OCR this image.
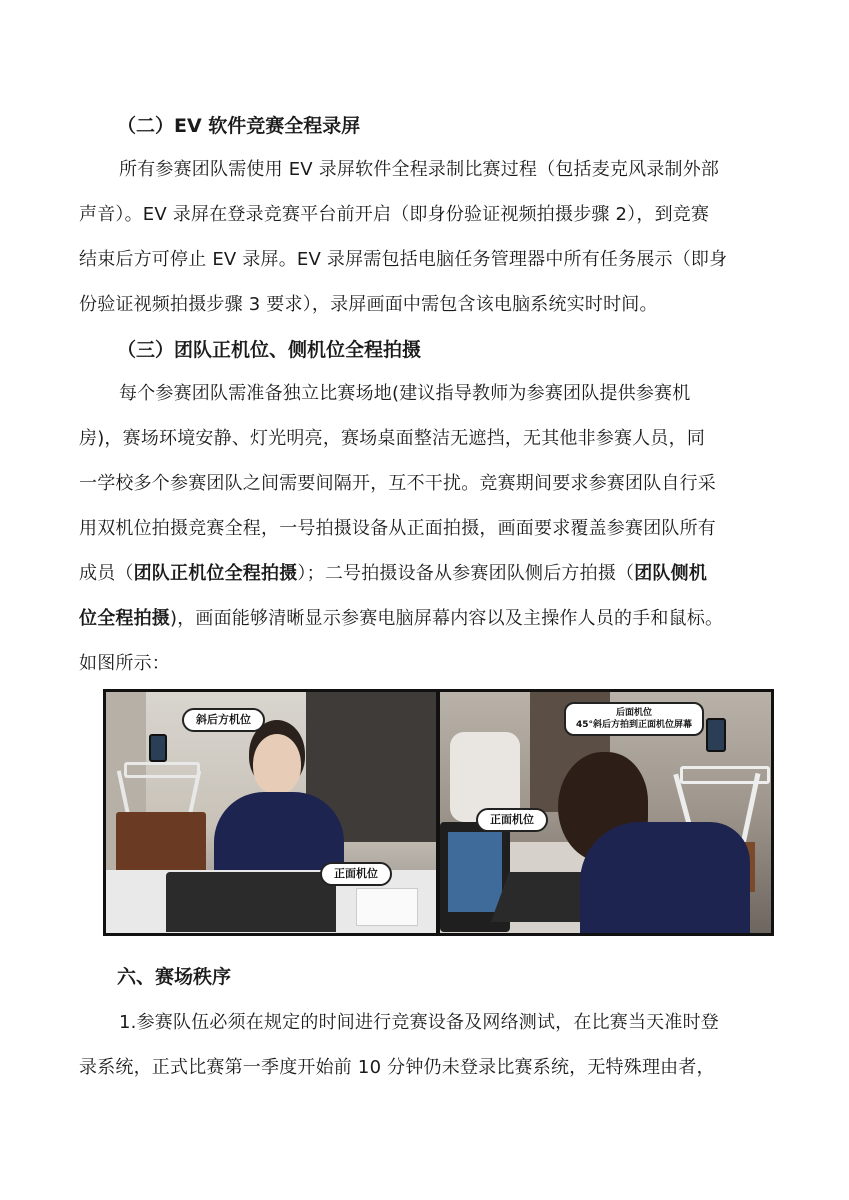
（二）EV 软件竞赛全程录屏
所有参赛团队需使用 EV 录屏软件全程录制比赛过程（包括麦克风录制外部
声音）。EV 录屏在登录竞赛平台前开启（即身份验证视频拍摄步骤 2），到竞赛
结束后方可停止 EV 录屏。EV 录屏需包括电脑任务管理器中所有任务展示（即身
份验证视频拍摄步骤 3 要求），录屏画面中需包含该电脑系统实时时间。
（三）团队正机位、侧机位全程拍摄
每个参赛团队需准备独立比赛场地(建议指导教师为参赛团队提供参赛机
房)，赛场环境安静、灯光明亮，赛场桌面整洁无遮挡，无其他非参赛人员，同
一学校多个参赛团队之间需要间隔开，互不干扰。竞赛期间要求参赛团队自行采
用双机位拍摄竞赛全程，一号拍摄设备从正面拍摄，画面要求覆盖参赛团队所有
成员（ 团队正机位全程拍摄 ）；二号拍摄设备从参赛团队侧后方拍摄（ 团队侧机
位全程拍摄 )，画面能够清晰显示参赛电脑屏幕内容以及主操作人员的手和鼠标。
如图所示：
斜后方机位
正面机位
后面机位
45°斜后方拍到正面机位屏幕
正面机位
六、赛场秩序
1.参赛队伍必须在规定的时间进行竞赛设备及网络测试，在比赛当天准时登
录系统，正式比赛第一季度开始前 10 分钟仍未登录比赛系统，无特殊理由者，
